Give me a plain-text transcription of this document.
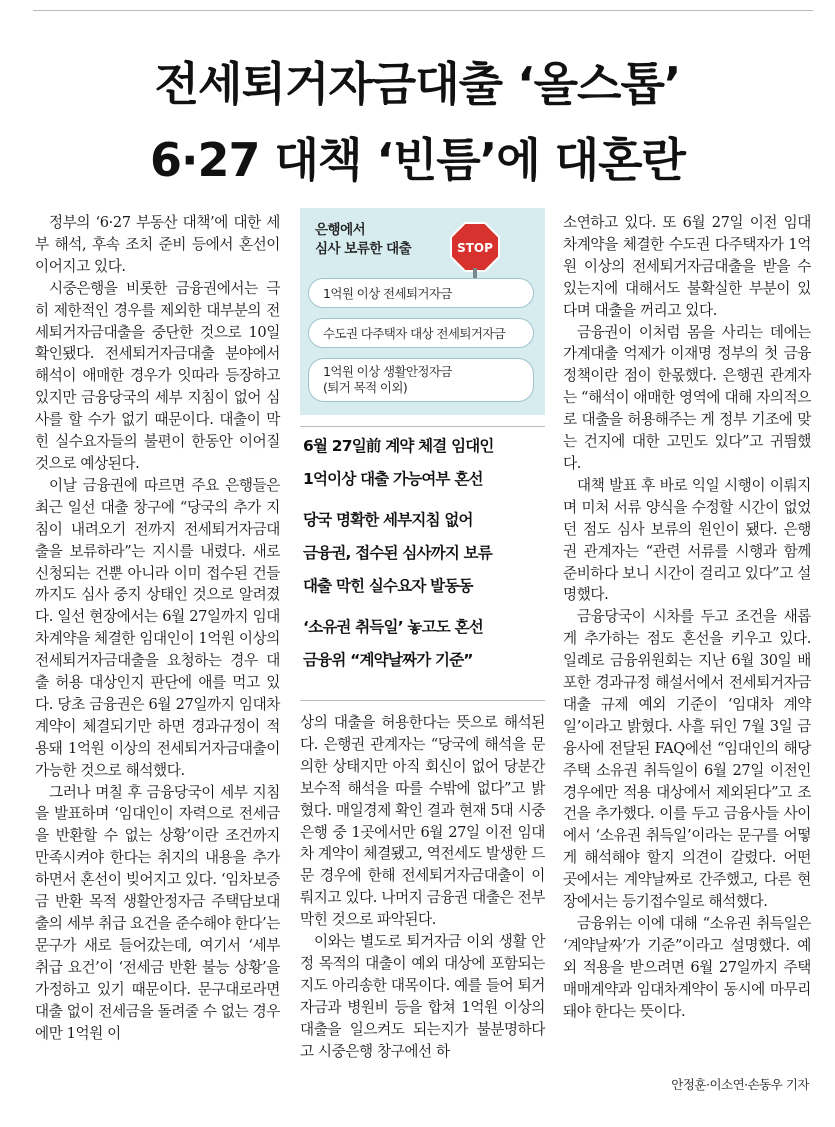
전세퇴거자금대출 ‘올스톱’
6·27 대책 ‘빈틈’에 대혼란

정부의 ‘6·27 부동산 대책’에 대한 세부 해석, 후속 조치 준비 등에서 혼선이 이어지고 있다.

시중은행을 비롯한 금융권에서는 극히 제한적인 경우를 제외한 대부분의 전세퇴거자금대출을 중단한 것으로 10일 확인됐다. 전세퇴거자금대출 분야에서 해석이 애매한 경우가 잇따라 등장하고 있지만 금융당국의 세부 지침이 없어 심사를 할 수가 없기 때문이다. 대출이 막힌 실수요자들의 불편이 한동안 이어질 것으로 예상된다.

이날 금융권에 따르면 주요 은행들은 최근 일선 대출 창구에 “당국의 추가 지침이 내려오기 전까지 전세퇴거자금대출을 보류하라”는 지시를 내렸다. 새로 신청되는 건뿐 아니라 이미 접수된 건들까지도 심사 중지 상태인 것으로 알려졌다. 일선 현장에서는 6월 27일까지 임대차계약을 체결한 임대인이 1억원 이상의 전세퇴거자금대출을 요청하는 경우 대출 허용 대상인지 판단에 애를 먹고 있다. 당초 금융권은 6월 27일까지 임대차계약이 체결되기만 하면 경과규정이 적용돼 1억원 이상의 전세퇴거자금대출이 가능한 것으로 해석했다.

그러나 며칠 후 금융당국이 세부 지침을 발표하며 ‘임대인이 자력으로 전세금을 반환할 수 없는 상황’이란 조건까지 만족시켜야 한다는 취지의 내용을 추가하면서 혼선이 빚어지고 있다. ‘임차보증금 반환 목적 생활안정자금 주택담보대출의 세부 취급 요건을 준수해야 한다’는 문구가 새로 들어갔는데, 여기서 ‘세부 취급 요건’이 ‘전세금 반환 불능 상황’을 가정하고 있기 때문이다. 문구대로라면 대출 없이 전세금을 돌려줄 수 없는 경우에만 1억원 이

은행에서
심사 보류한 대출	STOP
1억원 이상 전세퇴거자금
수도권 다주택자 대상 전세퇴거자금
1억원 이상 생활안정자금
(퇴거 목적 이외)
6월 27일前 계약 체결 임대인
1억이상 대출 가능여부 혼선
당국 명확한 세부지침 없어
금융권, 접수된 심사까지 보류
대출 막힌 실수요자 발동동
‘소유권 취득일’ 놓고도 혼선
금융위 “계약날짜가 기준”

상의 대출을 허용한다는 뜻으로 해석된다. 은행권 관계자는 “당국에 해석을 문의한 상태지만 아직 회신이 없어 당분간 보수적 해석을 따를 수밖에 없다”고 밝혔다. 매일경제 확인 결과 현재 5대 시중은행 중 1곳에서만 6월 27일 이전 임대차 계약이 체결됐고, 역전세도 발생한 드문 경우에 한해 전세퇴거자금대출이 이뤄지고 있다. 나머지 금융권 대출은 전부 막힌 것으로 파악된다.

이와는 별도로 퇴거자금 이외 생활 안정 목적의 대출이 예외 대상에 포함되는지도 아리송한 대목이다. 예를 들어 퇴거자금과 병원비 등을 합쳐 1억원 이상의 대출을 일으켜도 되는지가 불분명하다고 시중은행 창구에선 하

소연하고 있다. 또 6월 27일 이전 임대차계약을 체결한 수도권 다주택자가 1억원 이상의 전세퇴거자금대출을 받을 수 있는지에 대해서도 불확실한 부분이 있다며 대출을 꺼리고 있다.

금융권이 이처럼 몸을 사리는 데에는 가계대출 억제가 이재명 정부의 첫 금융 정책이란 점이 한몫했다. 은행권 관계자는 “해석이 애매한 영역에 대해 자의적으로 대출을 허용해주는 게 정부 기조에 맞는 건지에 대한 고민도 있다”고 귀띔했다.

대책 발표 후 바로 익일 시행이 이뤄지며 미처 서류 양식을 수정할 시간이 없었던 점도 심사 보류의 원인이 됐다. 은행권 관계자는 “관련 서류를 시행과 함께 준비하다 보니 시간이 걸리고 있다”고 설명했다.

금융당국이 시차를 두고 조건을 새롭게 추가하는 점도 혼선을 키우고 있다. 일례로 금융위원회는 지난 6월 30일 배포한 경과규정 해설서에서 전세퇴거자금대출 규제 예외 기준이 ‘임대차 계약일’이라고 밝혔다. 사흘 뒤인 7월 3일 금융사에 전달된 FAQ에선 “임대인의 해당 주택 소유권 취득일이 6월 27일 이전인 경우에만 적용 대상에서 제외된다”고 조건을 추가했다. 이를 두고 금융사들 사이에서 ‘소유권 취득일’이라는 문구를 어떻게 해석해야 할지 의견이 갈렸다. 어떤 곳에서는 계약날짜로 간주했고, 다른 현장에서는 등기접수일로 해석했다.

금융위는 이에 대해 “소유권 취득일은 ‘계약날짜’가 기준”이라고 설명했다. 예외 적용을 받으려면 6월 27일까지 주택 매매계약과 임대차계약이 동시에 마무리돼야 한다는 뜻이다.

안정훈·이소연·손동우 기자
